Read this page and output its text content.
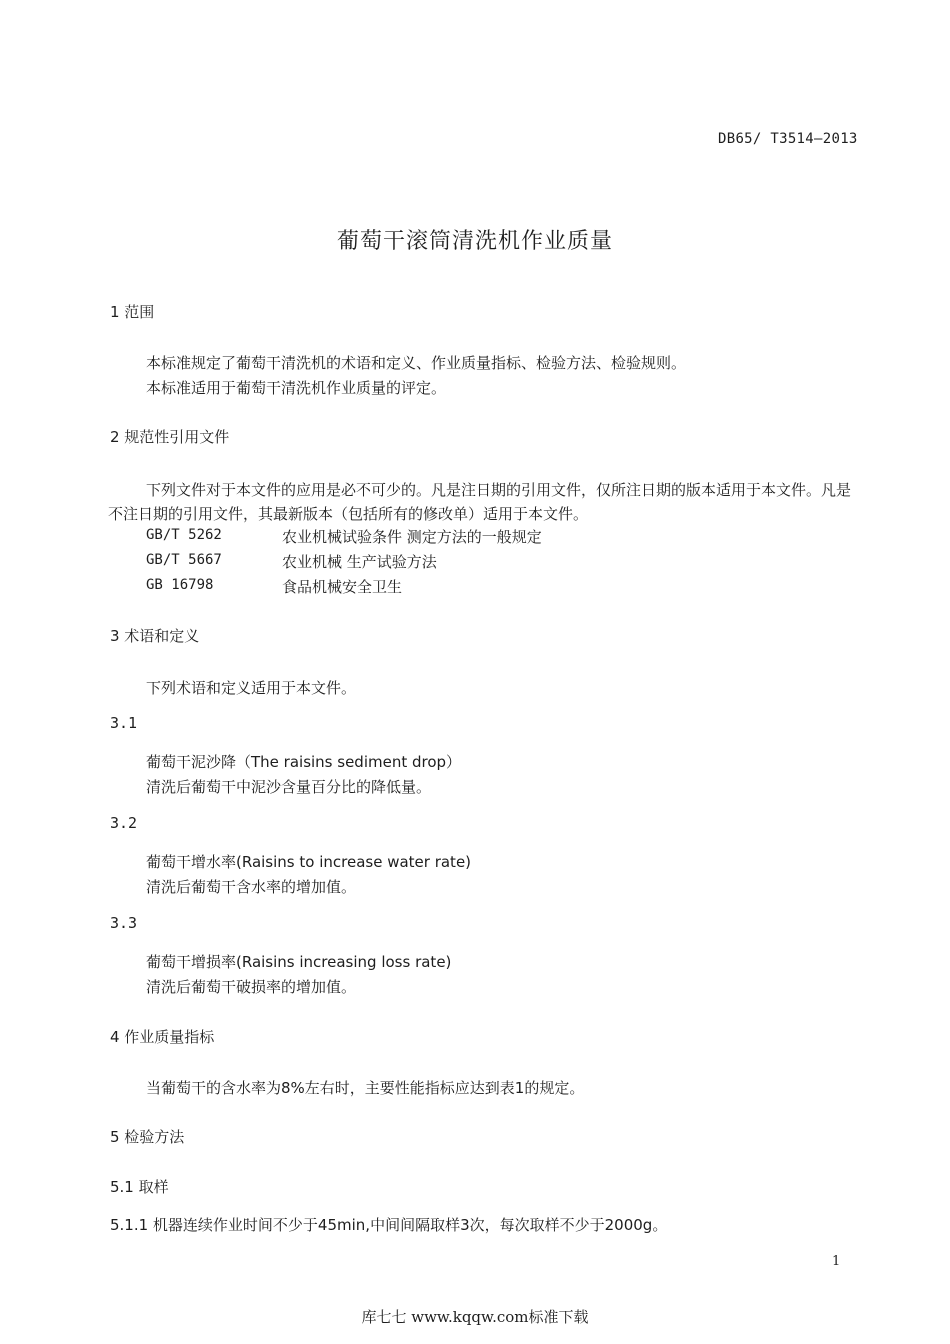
DB65/ T3514—2013
葡萄干滚筒清洗机作业质量
1 范围
本标准规定了葡萄干清洗机的术语和定义、作业质量指标、检验方法、检验规则。
本标准适用于葡萄干清洗机作业质量的评定。
2 规范性引用文件
下列文件对于本文件的应用是必不可少的。凡是注日期的引用文件，仅所注日期的版本适用于本文件。凡是不注日期的引用文件，其最新版本（包括所有的修改单）适用于本文件。
GB/T 5262	农业机械试验条件 测定方法的一般规定
GB/T 5667	农业机械 生产试验方法
GB 16798	食品机械安全卫生
3 术语和定义
下列术语和定义适用于本文件。
3.1
葡萄干泥沙降（The raisins sediment drop）
清洗后葡萄干中泥沙含量百分比的降低量。
3.2
葡萄干增水率(Raisins to increase water rate)
清洗后葡萄干含水率的增加值。
3.3
葡萄干增损率(Raisins increasing loss rate)
清洗后葡萄干破损率的增加值。
4 作业质量指标
当葡萄干的含水率为8%左右时，主要性能指标应达到表1的规定。
5 检验方法
5.1 取样
5.1.1 机器连续作业时间不少于45min,中间间隔取样3次，每次取样不少于2000g。
1
库七七 www.kqqw.com标准下载
